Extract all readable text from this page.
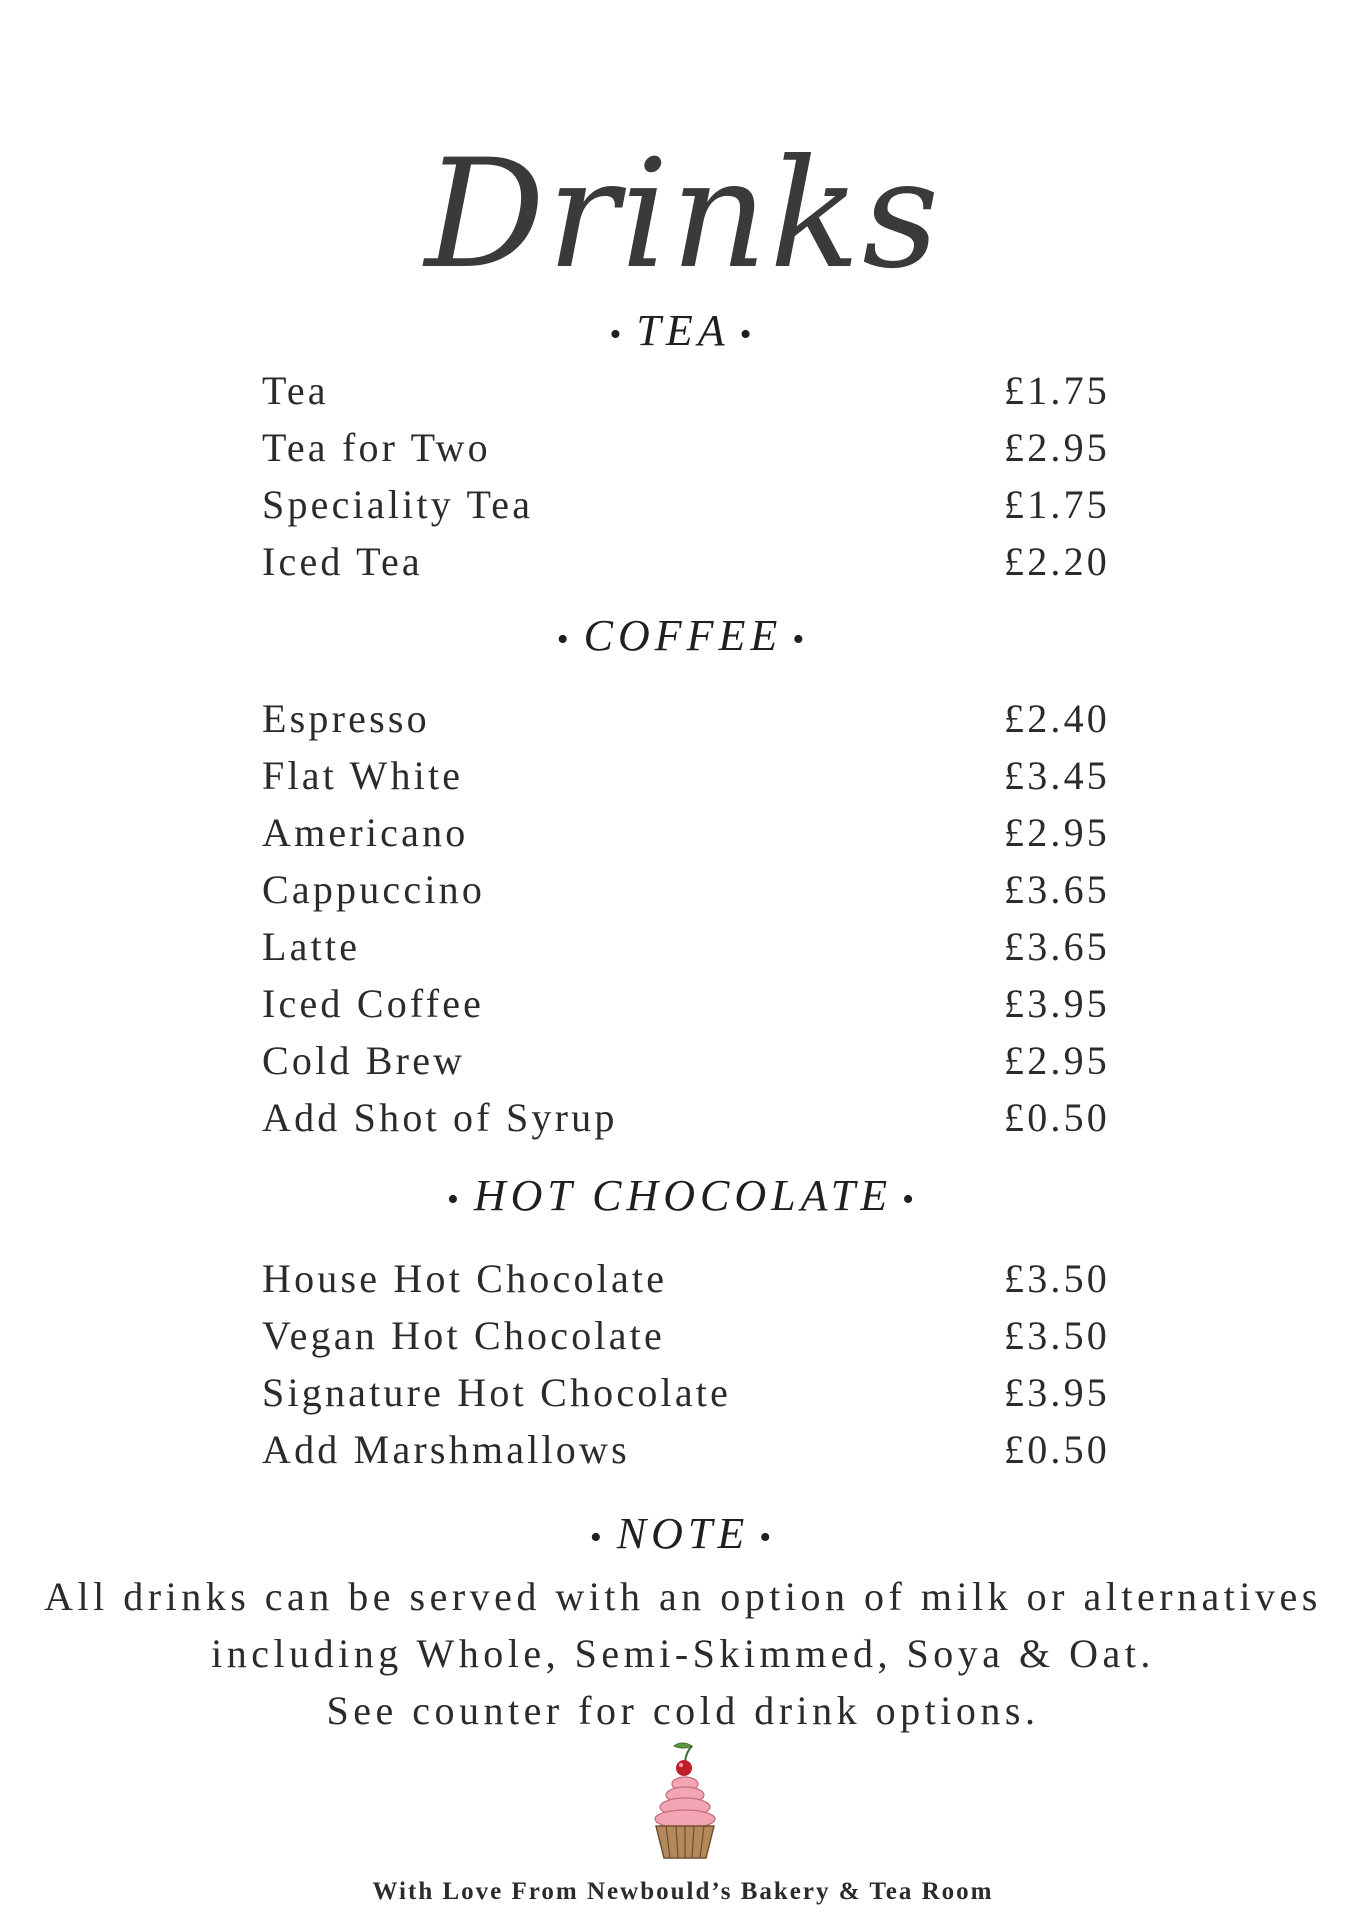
Drinks
• TEA •
Tea	£1.75
Tea for Two	£2.95
Speciality Tea	£1.75
Iced Tea	£2.20
• COFFEE •
Espresso	£2.40
Flat White	£3.45
Americano	£2.95
Cappuccino	£3.65
Latte	£3.65
Iced Coffee	£3.95
Cold Brew	£2.95
Add Shot of Syrup	£0.50
• HOT CHOCOLATE •
House Hot Chocolate	£3.50
Vegan Hot Chocolate	£3.50
Signature Hot Chocolate	£3.95
Add Marshmallows	£0.50
• NOTE •

All drinks can be served with an option of milk or alternatives

including Whole, Semi-Skimmed, Soya & Oat.

See counter for cold drink options.

With Love From Newbould’s Bakery & Tea Room
